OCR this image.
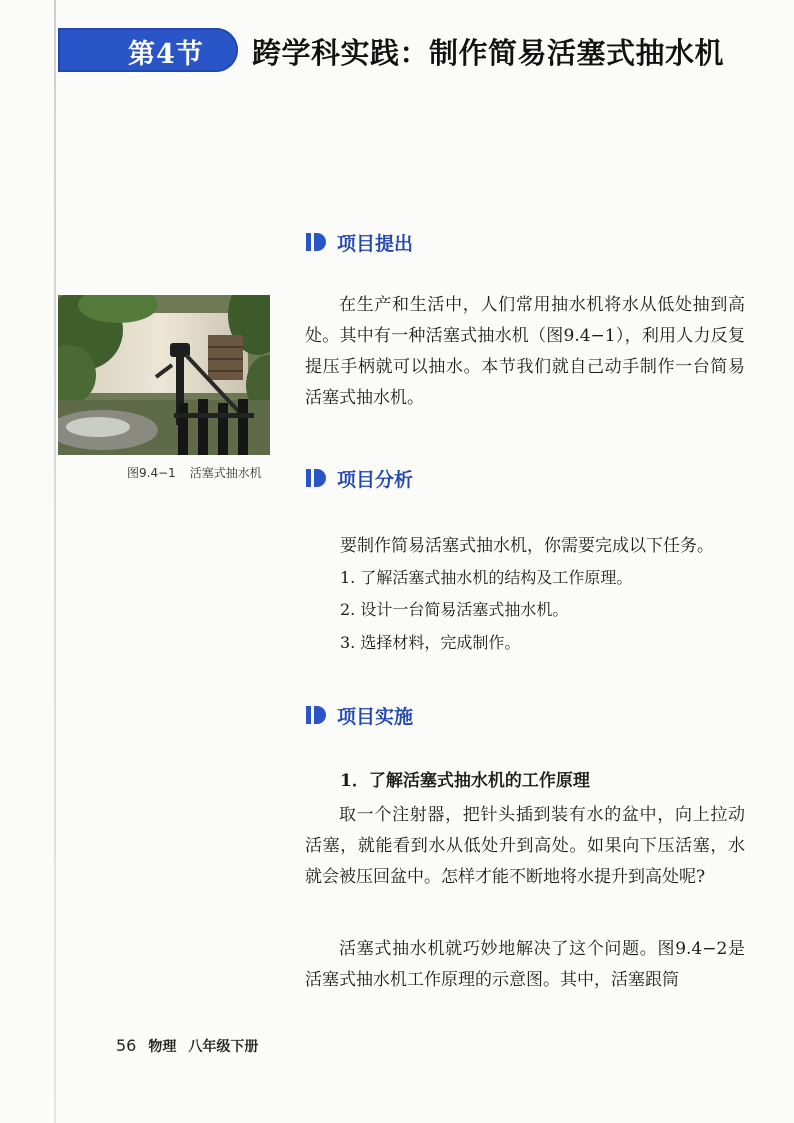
第4节 跨学科实践：制作简易活塞式抽水机
项目提出

在生产和生活中，人们常用抽水机将水从低处抽到高处。其中有一种活塞式抽水机（图9.4−1），利用人力反复提压手柄就可以抽水。本节我们就自己动手制作一台简易活塞式抽水机。

图9.4−1 活塞式抽水机	项目分析
要制作简易活塞式抽水机，你需要完成以下任务。
1. 了解活塞式抽水机的结构及工作原理。
2. 设计一台简易活塞式抽水机。
3. 选择材料，完成制作。
项目实施
1．了解活塞式抽水机的工作原理

取一个注射器，把针头插到装有水的盆中，向上拉动活塞，就能看到水从低处升到高处。如果向下压活塞，水就会被压回盆中。怎样才能不断地将水提升到高处呢?

活塞式抽水机就巧妙地解决了这个问题。图9.4−2是活塞式抽水机工作原理的示意图。其中，活塞跟筒

56 物理 八年级下册
